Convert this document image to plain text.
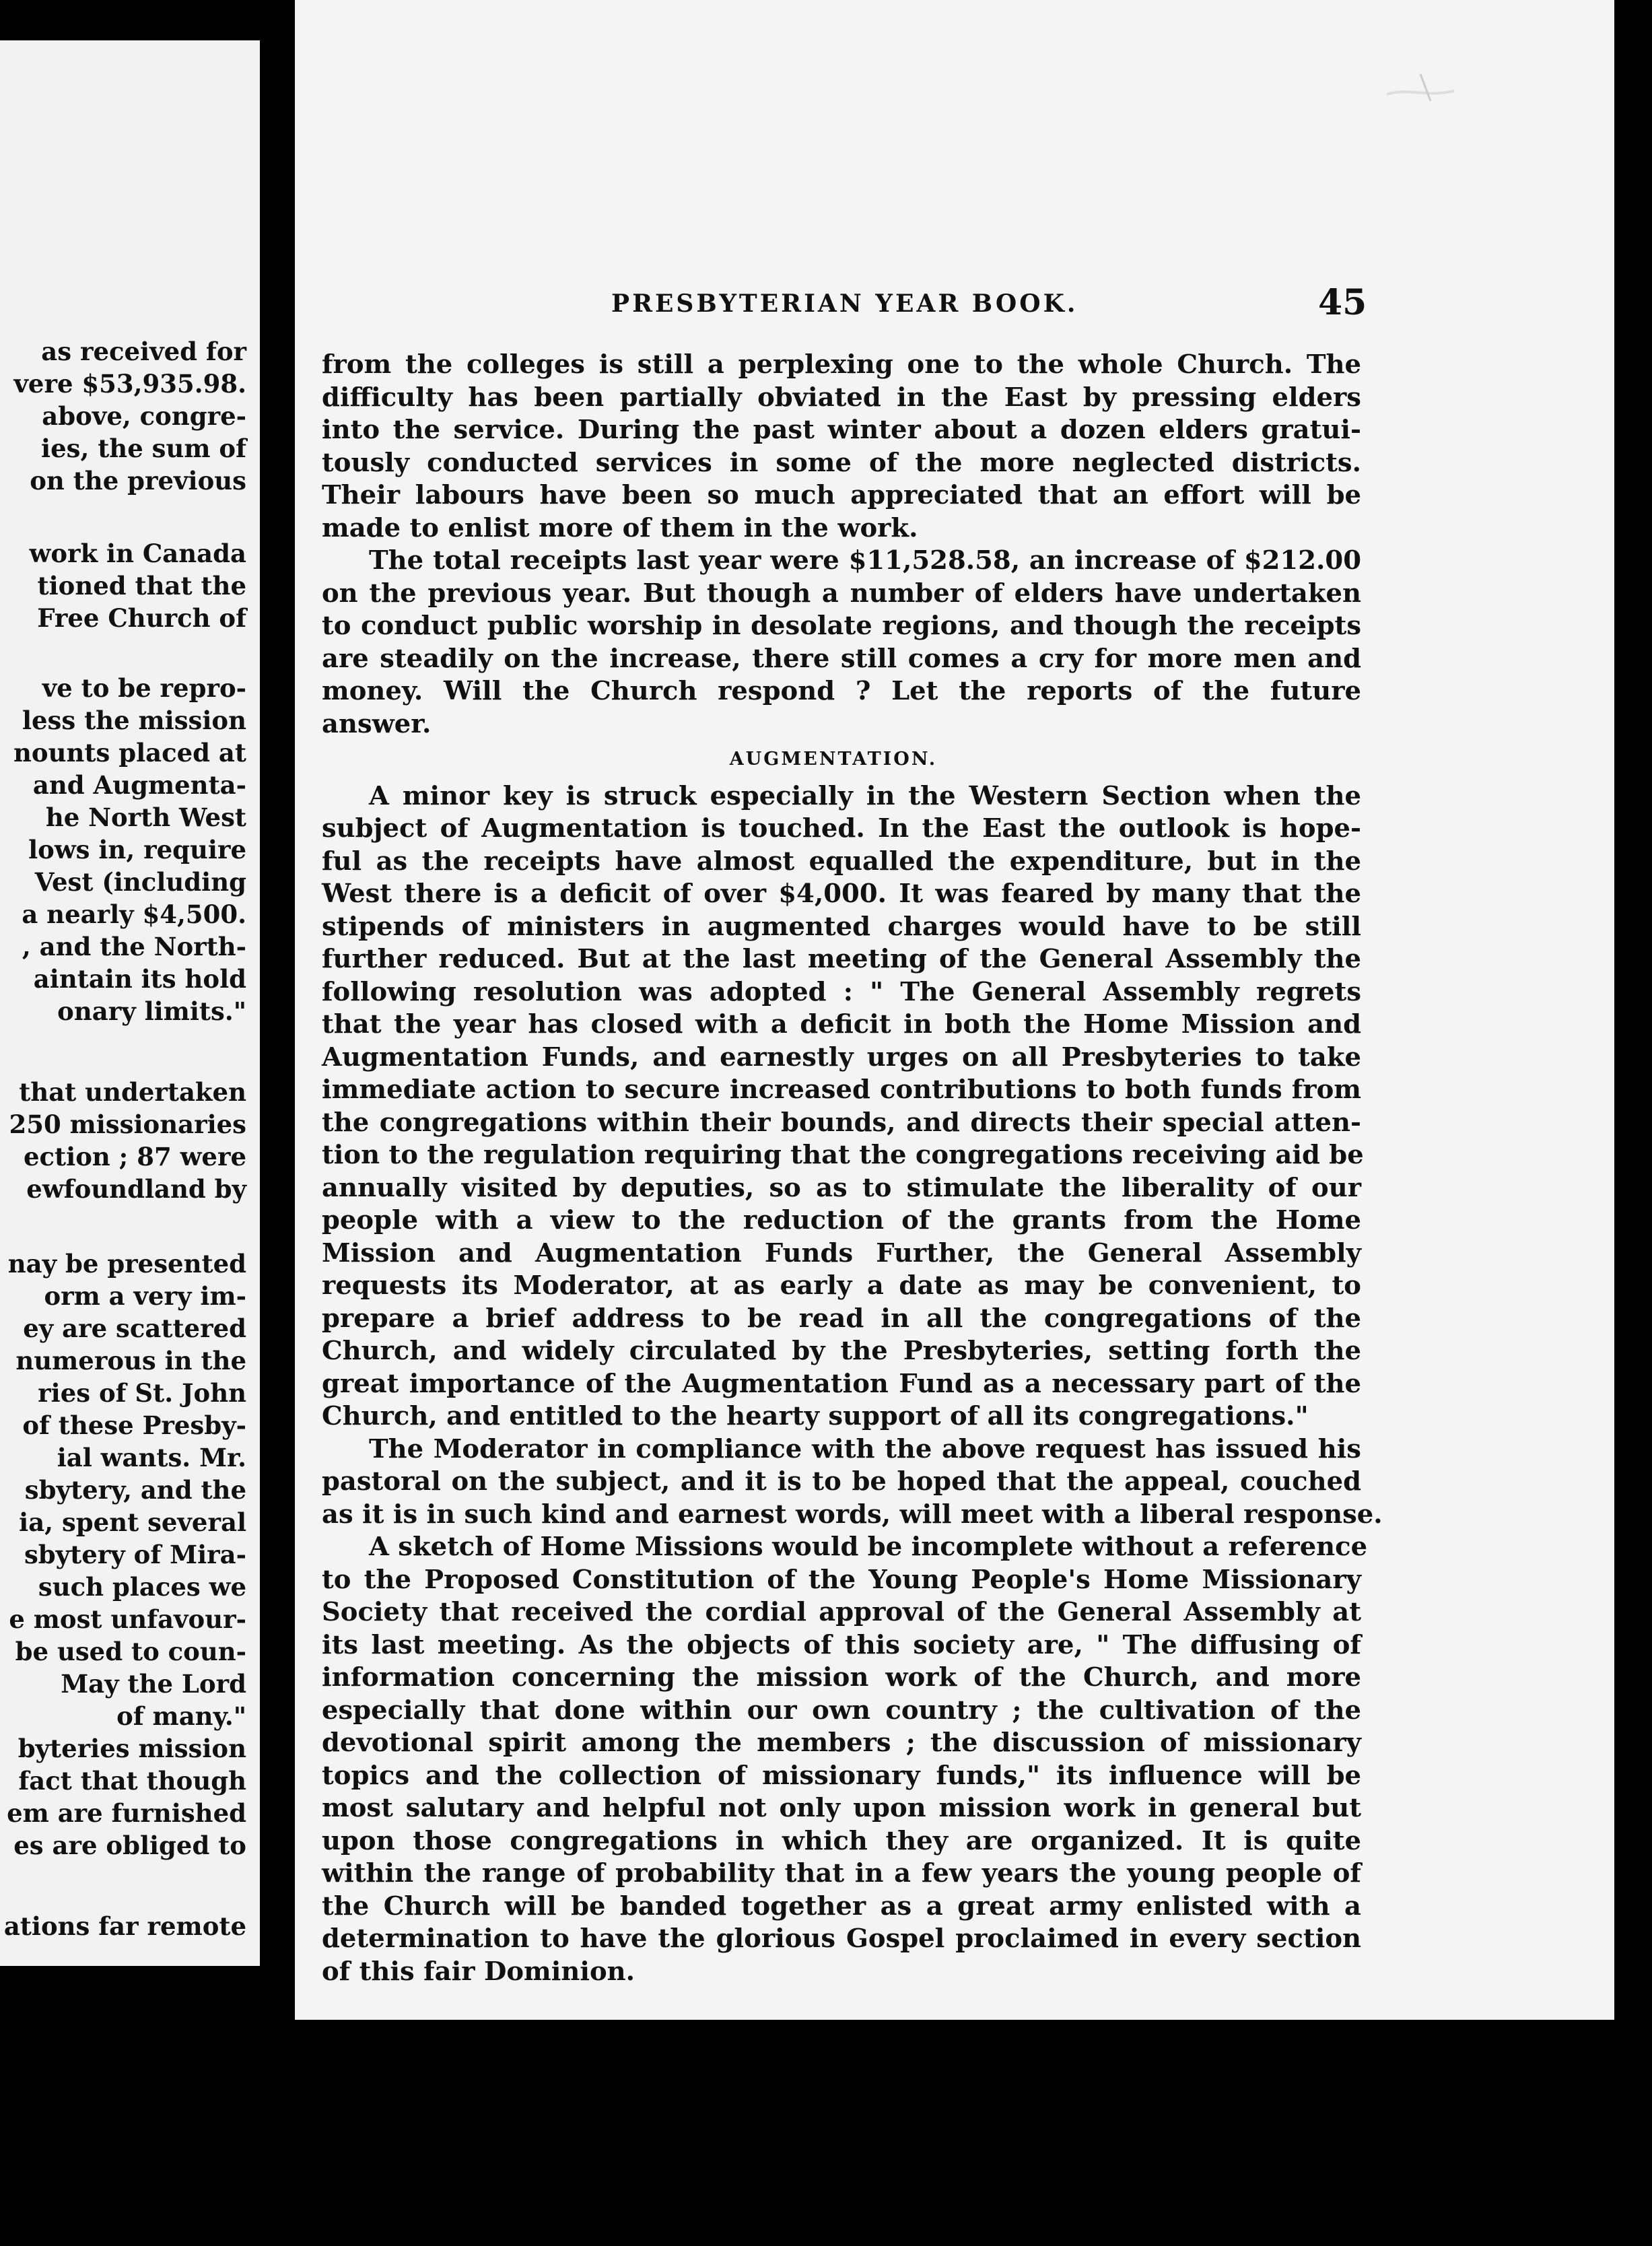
as received for
vere $53,935.98.
above, congre-
ies, the sum of
on the previous
work in Canada
tioned that the
Free Church of
ve to be repro-
less the mission
nounts placed at
and Augmenta-
he North West
lows in, require
Vest (including
a nearly $4,500.
, and the North-
aintain its hold
onary limits."
that undertaken
250 missionaries
ection ; 87 were
ewfoundland by
nay be presented
orm a very im-
ey are scattered
numerous in the
ries of St. John
of these Presby-
ial wants. Mr.
sbytery, and the
ia, spent several
sbytery of Mira-
such places we
e most unfavour-
be used to coun-
May the Lord
of many."
byteries mission
fact that though
em are furnished
es are obliged to
ations far remote
PRESBYTERIAN YEAR BOOK.	45
from the colleges is still a perplexing one to the whole Church. The
difficulty has been partially obviated in the East by pressing elders
into the service. During the past winter about a dozen elders gratui-
tously conducted services in some of the more neglected districts.
Their labours have been so much appreciated that an effort will be
made to enlist more of them in the work.
The total receipts last year were $11,528.58, an increase of $212.00
on the previous year. But though a number of elders have undertaken
to conduct public worship in desolate regions, and though the receipts
are steadily on the increase, there still comes a cry for more men and
money. Will the Church respond ? Let the reports of the future
answer.
AUGMENTATION.
A minor key is struck especially in the Western Section when the
subject of Augmentation is touched. In the East the outlook is hope-
ful as the receipts have almost equalled the expenditure, but in the
West there is a deficit of over $4,000. It was feared by many that the
stipends of ministers in augmented charges would have to be still
further reduced. But at the last meeting of the General Assembly the
following resolution was adopted : " The General Assembly regrets
that the year has closed with a deficit in both the Home Mission and
Augmentation Funds, and earnestly urges on all Presbyteries to take
immediate action to secure increased contributions to both funds from
the congregations within their bounds, and directs their special atten-
tion to the regulation requiring that the congregations receiving aid be
annually visited by deputies, so as to stimulate the liberality of our
people with a view to the reduction of the grants from the Home
Mission and Augmentation Funds Further, the General Assembly
requests its Moderator, at as early a date as may be convenient, to
prepare a brief address to be read in all the congregations of the
Church, and widely circulated by the Presbyteries, setting forth the
great importance of the Augmentation Fund as a necessary part of the
Church, and entitled to the hearty support of all its congregations."
The Moderator in compliance with the above request has issued his
pastoral on the subject, and it is to be hoped that the appeal, couched
as it is in such kind and earnest words, will meet with a liberal response.
A sketch of Home Missions would be incomplete without a reference
to the Proposed Constitution of the Young People's Home Missionary
Society that received the cordial approval of the General Assembly at
its last meeting. As the objects of this society are, " The diffusing of
information concerning the mission work of the Church, and more
especially that done within our own country ; the cultivation of the
devotional spirit among the members ; the discussion of missionary
topics and the collection of missionary funds," its influence will be
most salutary and helpful not only upon mission work in general but
upon those congregations in which they are organized. It is quite
within the range of probability that in a few years the young people of
the Church will be banded together as a great army enlisted with a
determination to have the glorious Gospel proclaimed in every section
of this fair Dominion.
